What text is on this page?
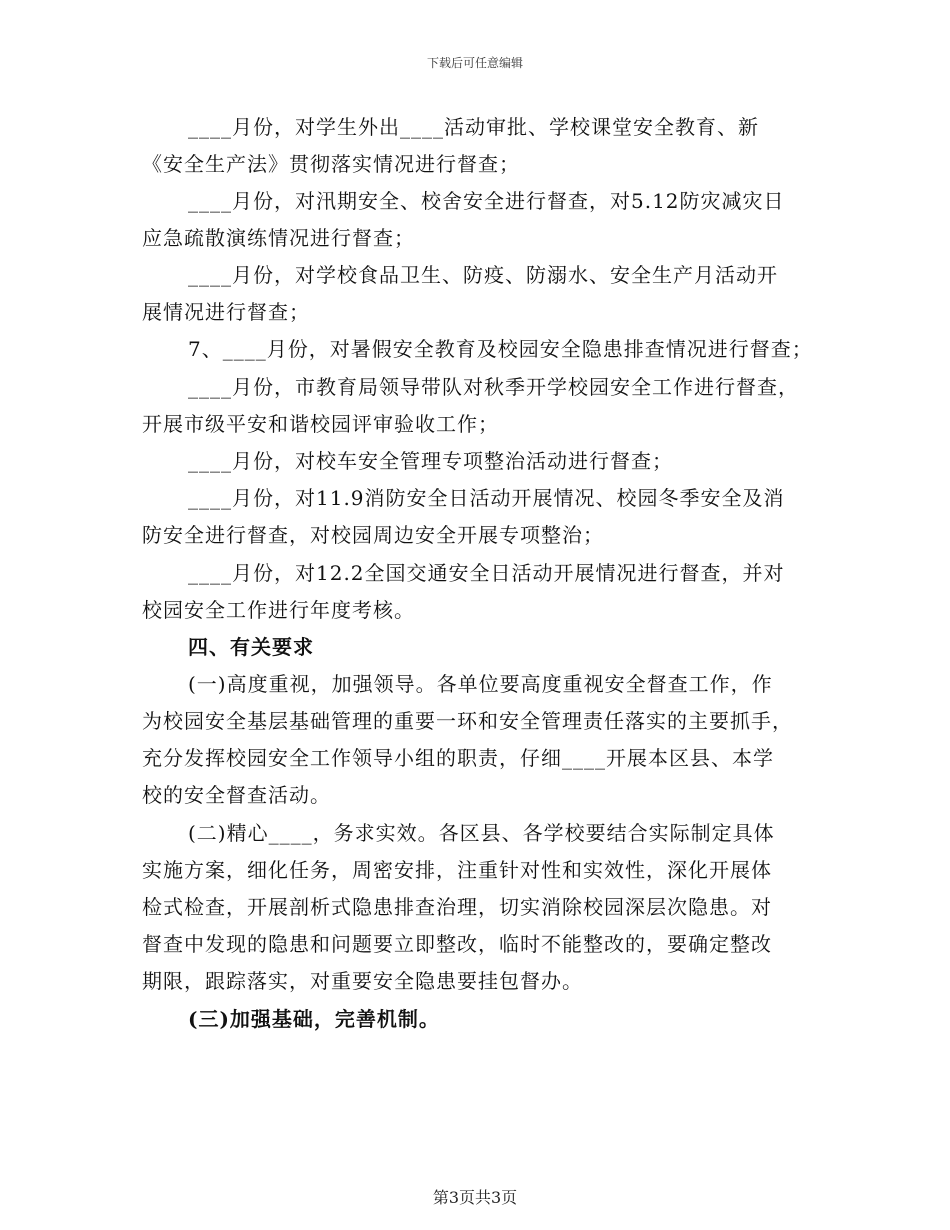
下载后可任意编辑
____月份，对学生外出____活动审批、学校课堂安全教育、新
《安全生产法》贯彻落实情况进行督查；
____月份，对汛期安全、校舍安全进行督查，对5.12防灾减灾日
应急疏散演练情况进行督查；
____月份，对学校食品卫生、防疫、防溺水、安全生产月活动开
展情况进行督查；
7、____月份，对暑假安全教育及校园安全隐患排查情况进行督查；
____月份，市教育局领导带队对秋季开学校园安全工作进行督查，
开展市级平安和谐校园评审验收工作；
____月份，对校车安全管理专项整治活动进行督查；
____月份，对11.9消防安全日活动开展情况、校园冬季安全及消
防安全进行督查，对校园周边安全开展专项整治；
____月份，对12.2全国交通安全日活动开展情况进行督查，并对
校园安全工作进行年度考核。
四、有关要求
(一)高度重视，加强领导。各单位要高度重视安全督查工作，作
为校园安全基层基础管理的重要一环和安全管理责任落实的主要抓手，
充分发挥校园安全工作领导小组的职责，仔细____开展本区县、本学
校的安全督查活动。
(二)精心____，务求实效。各区县、各学校要结合实际制定具体
实施方案，细化任务，周密安排，注重针对性和实效性，深化开展体
检式检查，开展剖析式隐患排查治理，切实消除校园深层次隐患。对
督查中发现的隐患和问题要立即整改，临时不能整改的，要确定整改
期限，跟踪落实，对重要安全隐患要挂包督办。
(三)加强基础，完善机制。
第3页共3页
